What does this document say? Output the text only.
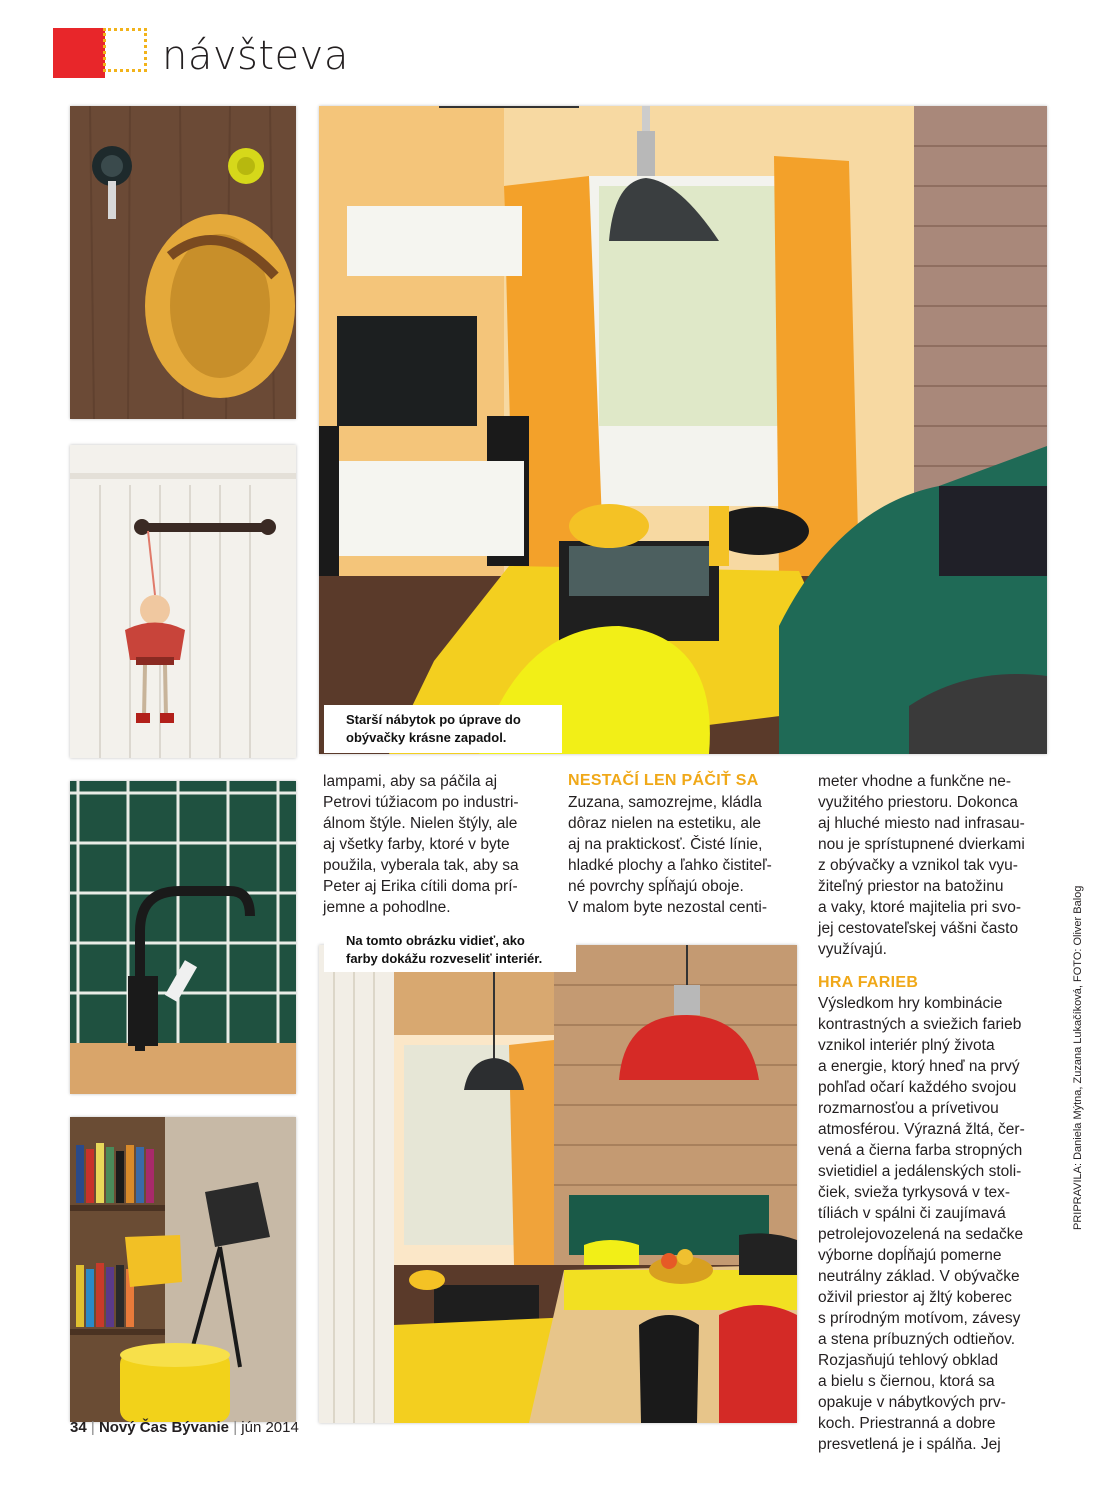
návšteva
Starší nábytok po úprave do
obývačky krásne zapadol.
Na tomto obrázku vidieť, ako
farby dokážu rozveseliť interiér.
lampami, aby sa páčila aj
Petrovi túžiacom po industri-
álnom štýle. Nielen štýly, ale
aj všetky farby, ktoré v byte
použila, vyberala tak, aby sa
Peter aj Erika cítili doma prí-
jemne a pohodlne.
NESTAČÍ LEN PÁČIŤ SA
Zuzana, samozrejme, kládla
dôraz nielen na estetiku, ale
aj na praktickosť. Čisté línie,
hladké plochy a ľahko čistiteľ-
né povrchy spĺňajú oboje.
V malom byte nezostal centi-
meter vhodne a funkčne ne-
využitého priestoru. Dokonca
aj hluché miesto nad infrasau-
nou je sprístupnené dvierkami
z obývačky a vznikol tak vyu-
žiteľný priestor na batožinu
a vaky, ktoré majitelia pri svo-
jej cestovateľskej vášni často
využívajú.
HRA FARIEB
Výsledkom hry kombinácie
kontrastných a sviežich farieb
vznikol interiér plný života
a energie, ktorý hneď na prvý
pohľad očarí každého svojou
rozmarnosťou a prívetivou
atmosférou. Výrazná žltá, čer-
vená a čierna farba stropných
svietidiel a jedálenských stoli-
čiek, svieža tyrkysová v tex-
tíliách v spálni či zaujímavá
petrolejovozelená na sedačke
výborne dopĺňajú pomerne
neutrálny základ. V obývačke
oživil priestor aj žltý koberec
s prírodným motívom, závesy
a stena príbuzných odtieňov.
Rozjasňujú tehlový obklad
a bielu s čiernou, ktorá sa
opakuje v nábytkových prv-
koch. Priestranná a dobre
presvetlená je i spálňa. Jej
PRIPRAVILA: Daniela Mýtna, Zuzana Lukačíková, FOTO: Oliver Balog
34 | Nový Čas Bývanie | jún 2014
